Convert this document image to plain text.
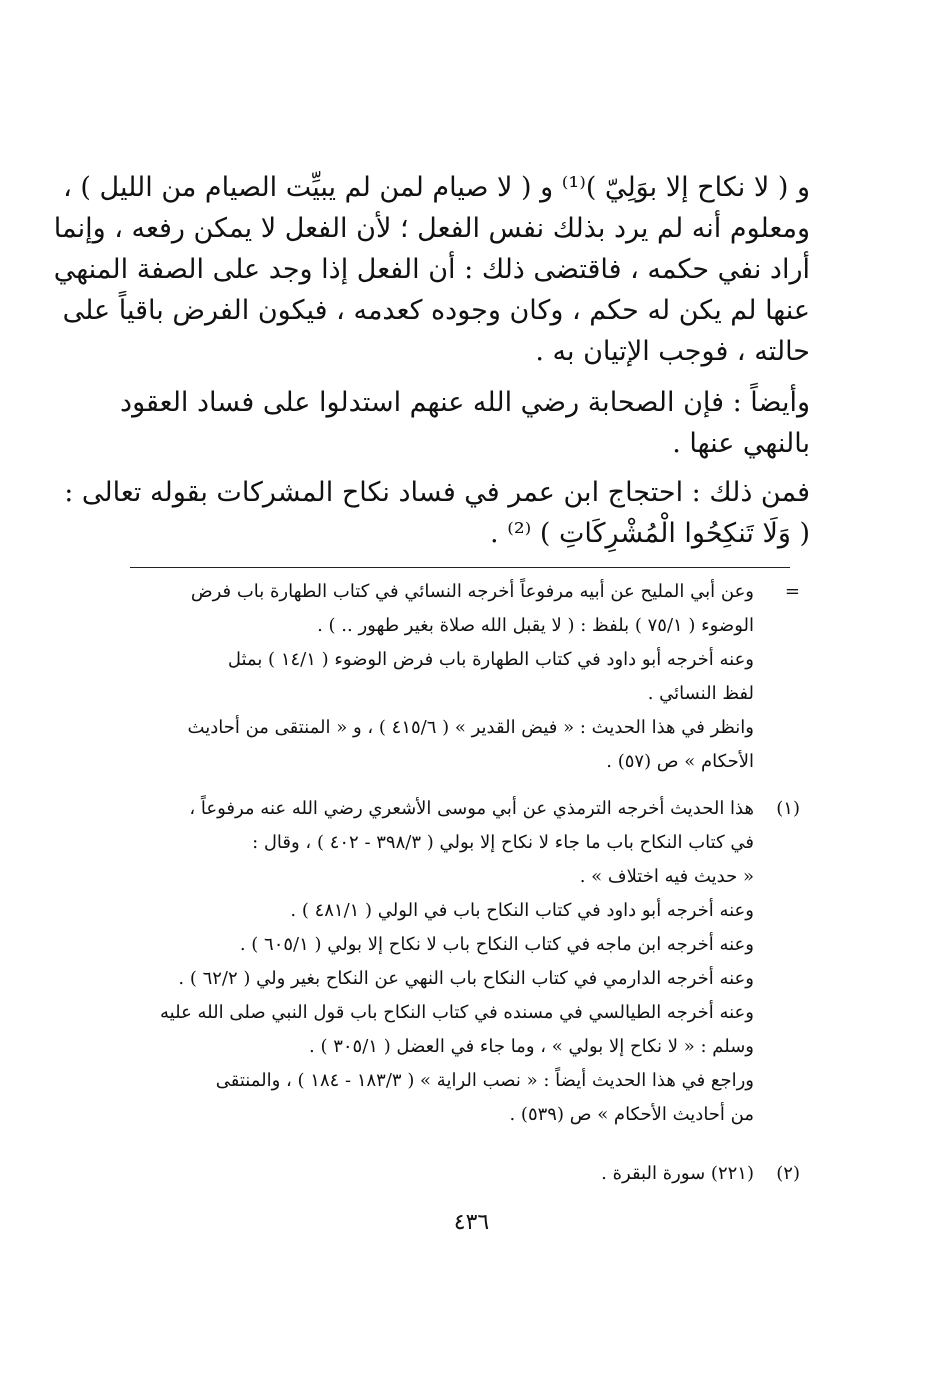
و ( لا نكاح إلا بوَلِيّ )⁽¹⁾ و ( لا صيام لمن لم يبيِّت الصيام من الليل ) ،
ومعلوم أنه لم يرد بذلك نفس الفعل ؛ لأن الفعل لا يمكن رفعه ، وإنما
أراد نفي حكمه ، فاقتضى ذلك : أن الفعل إذا وجد على الصفة المنهي
عنها لم يكن له حكم ، وكان وجوده كعدمه ، فيكون الفرض باقياً على
حالته ، فوجب الإتيان به .
وأيضاً : فإن الصحابة رضي الله عنهم استدلوا على فساد العقود
بالنهي عنها .
فمن ذلك : احتجاج ابن عمر في فساد نكاح المشركات بقوله تعالى :
( وَلَا تَنكِحُوا الْمُشْرِكَاتِ ) ⁽²⁾ .
=
وعن أبي المليح عن أبيه مرفوعاً أخرجه النسائي في كتاب الطهارة باب فرض
الوضوء ( ٧٥/١ ) بلفظ : ( لا يقبل الله صلاة بغير طهور .. ) .
وعنه أخرجه أبو داود في كتاب الطهارة باب فرض الوضوء ( ١٤/١ ) بمثل
لفظ النسائي .
وانظر في هذا الحديث : « فيض القدير » ( ٤١٥/٦ ) ، و « المنتقى من أحاديث
الأحكام » ص (٥٧) .
(١)
هذا الحديث أخرجه الترمذي عن أبي موسى الأشعري رضي الله عنه مرفوعاً ،
في كتاب النكاح باب ما جاء لا نكاح إلا بولي ( ٣٩٨/٣ - ٤٠٢ ) ، وقال :
« حديث فيه اختلاف » .
وعنه أخرجه أبو داود في كتاب النكاح باب في الولي ( ٤٨١/١ ) .
وعنه أخرجه ابن ماجه في كتاب النكاح باب لا نكاح إلا بولي ( ٦٠٥/١ ) .
وعنه أخرجه الدارمي في كتاب النكاح باب النهي عن النكاح بغير ولي ( ٦٢/٢ ) .
وعنه أخرجه الطيالسي في مسنده في كتاب النكاح باب قول النبي صلى الله عليه
وسلم : « لا نكاح إلا بولي » ، وما جاء في العضل ( ٣٠٥/١ ) .
وراجع في هذا الحديث أيضاً : « نصب الراية » ( ١٨٣/٣ - ١٨٤ ) ، والمنتقى
من أحاديث الأحكام » ص (٥٣٩) .
(٢)
(٢٢١) سورة البقرة .
٤٣٦
